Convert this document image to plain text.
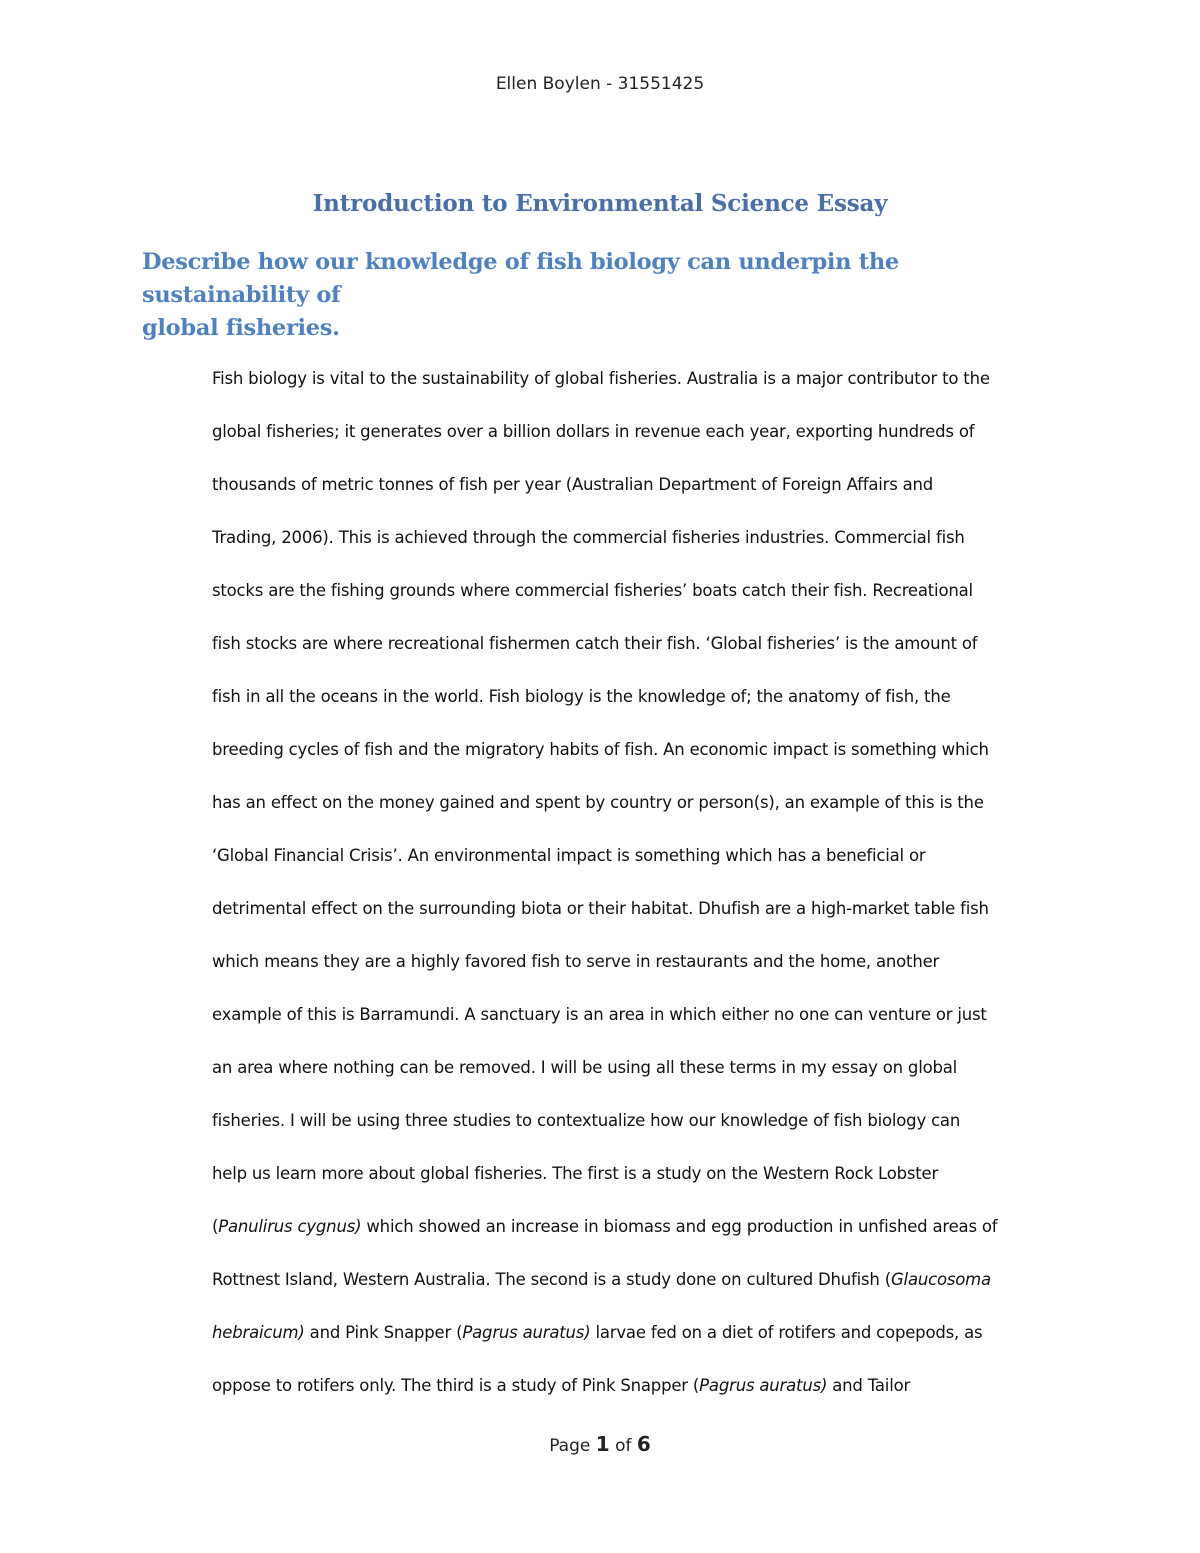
Ellen Boylen - 31551425
Introduction to Environmental Science Essay
Describe how our knowledge of fish biology can underpin the sustainability of
global fisheries.
Fish biology is vital to the sustainability of global fisheries. Australia is a major contributor to the
global fisheries; it generates over a billion dollars in revenue each year, exporting hundreds of
thousands of metric tonnes of fish per year (Australian Department of Foreign Affairs and
Trading, 2006). This is achieved through the commercial fisheries industries. Commercial fish
stocks are the fishing grounds where commercial fisheries’ boats catch their fish. Recreational
fish stocks are where recreational fishermen catch their fish. ‘Global fisheries’ is the amount of
fish in all the oceans in the world. Fish biology is the knowledge of; the anatomy of fish, the
breeding cycles of fish and the migratory habits of fish. An economic impact is something which
has an effect on the money gained and spent by country or person(s), an example of this is the
‘Global Financial Crisis’. An environmental impact is something which has a beneficial or
detrimental effect on the surrounding biota or their habitat. Dhufish are a high-market table fish
which means they are a highly favored fish to serve in restaurants and the home, another
example of this is Barramundi. A sanctuary is an area in which either no one can venture or just
an area where nothing can be removed. I will be using all these terms in my essay on global
fisheries. I will be using three studies to contextualize how our knowledge of fish biology can
help us learn more about global fisheries. The first is a study on the Western Rock Lobster
(Panulirus cygnus) which showed an increase in biomass and egg production in unfished areas of
Rottnest Island, Western Australia. The second is a study done on cultured Dhufish (Glaucosoma
hebraicum) and Pink Snapper (Pagrus auratus) larvae fed on a diet of rotifers and copepods, as
oppose to rotifers only. The third is a study of Pink Snapper (Pagrus auratus) and Tailor
Page 1 of 6
